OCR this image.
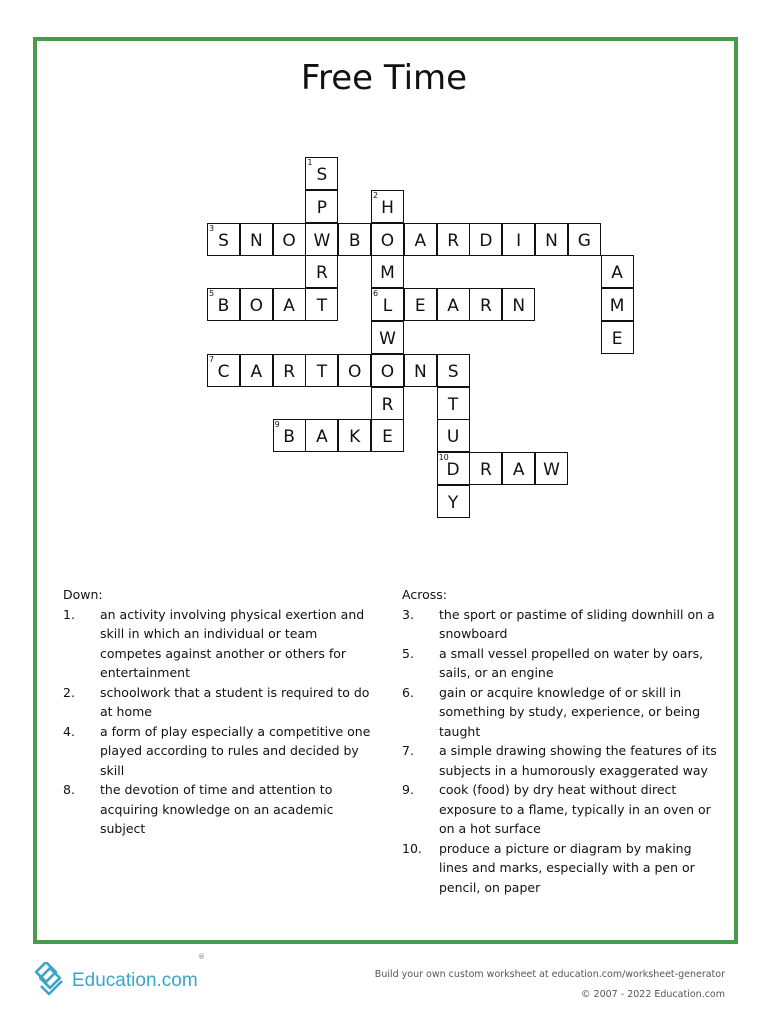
Free Time
1
S
P
2
H
3
S	N	O	W	B	O	A	R	D	I	N	G
R	M	A
5
B	O	A	T
6
L	E	A	R	N	M
W	E
7
C	A	R	T	O	O	N	S
R	T
9
B	A	K	E	U
10
D	R	A	W
Y
Down:
1.	an activity involving physical exertion and skill in which an individual or team competes against another or others for entertainment
2.	schoolwork that a student is required to do at home
4.	a form of play especially a competitive one played according to rules and decided by skill
8.	the devotion of time and attention to acquiring knowledge on an academic subject
Across:
3.	the sport or pastime of sliding downhill on a snowboard
5.	a small vessel propelled on water by oars, sails, or an engine
6.	gain or acquire knowledge of or skill in something by study, experience, or being taught
7.	a simple drawing showing the features of its subjects in a humorously exaggerated way
9.	cook (food) by dry heat without direct exposure to a flame, typically in an oven or on a hot surface
10.	produce a picture or diagram by making lines and marks, especially with a pen or pencil, on paper
Education.com
®
Build your own custom worksheet at education.com/worksheet-generator
© 2007 - 2022 Education.com
